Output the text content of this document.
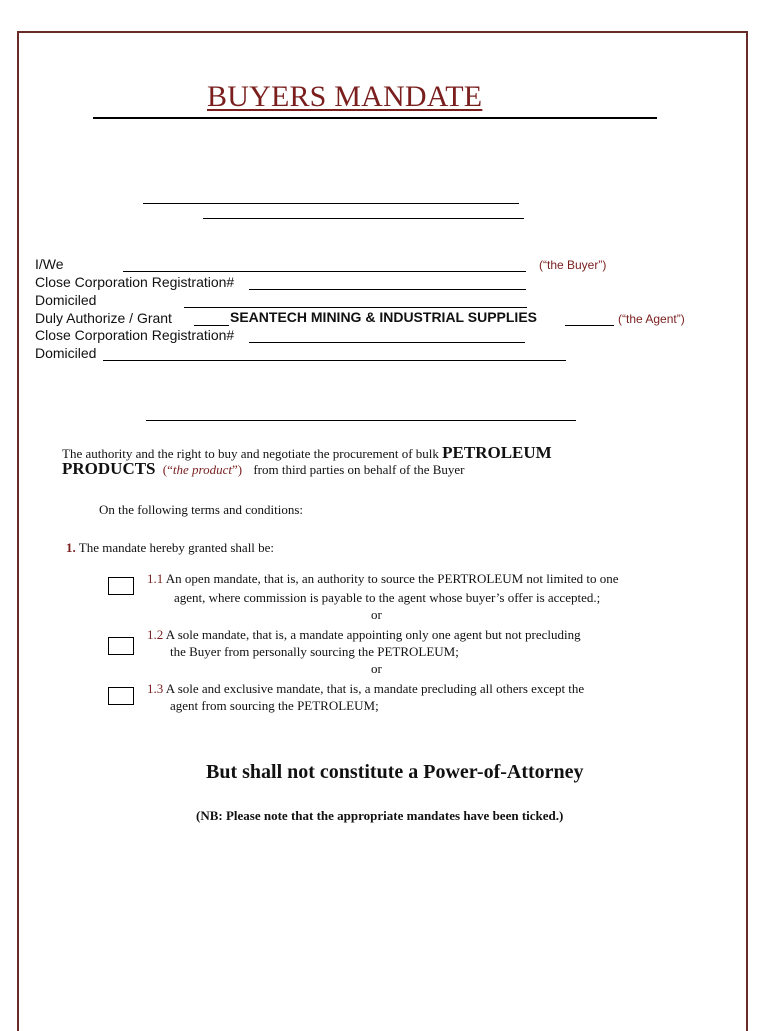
BUYERS MANDATE
I/We	(“the Buyer”)
Close Corporation Registration#
Domiciled
Duly Authorize / Grant	SEANTECH MINING & INDUSTRIAL SUPPLIES	(“the Agent”)
Close Corporation Registration#
Domiciled
The authority and the right to buy and negotiate the procurement of bulk PETROLEUM
PRODUCTS (“the product”) from third parties on behalf of the Buyer
On the following terms and conditions:
1. The mandate hereby granted shall be:
1.1 An open mandate, that is, an authority to source the PERTROLEUM not limited to one
agent, where commission is payable to the agent whose buyer’s offer is accepted.;
or
1.2 A sole mandate, that is, a mandate appointing only one agent but not precluding
the Buyer from personally sourcing the PETROLEUM;
or
1.3 A sole and exclusive mandate, that is, a mandate precluding all others except the
agent from sourcing the PETROLEUM;
But shall not constitute a Power-of-Attorney
(NB: Please note that the appropriate mandates have been ticked.)
